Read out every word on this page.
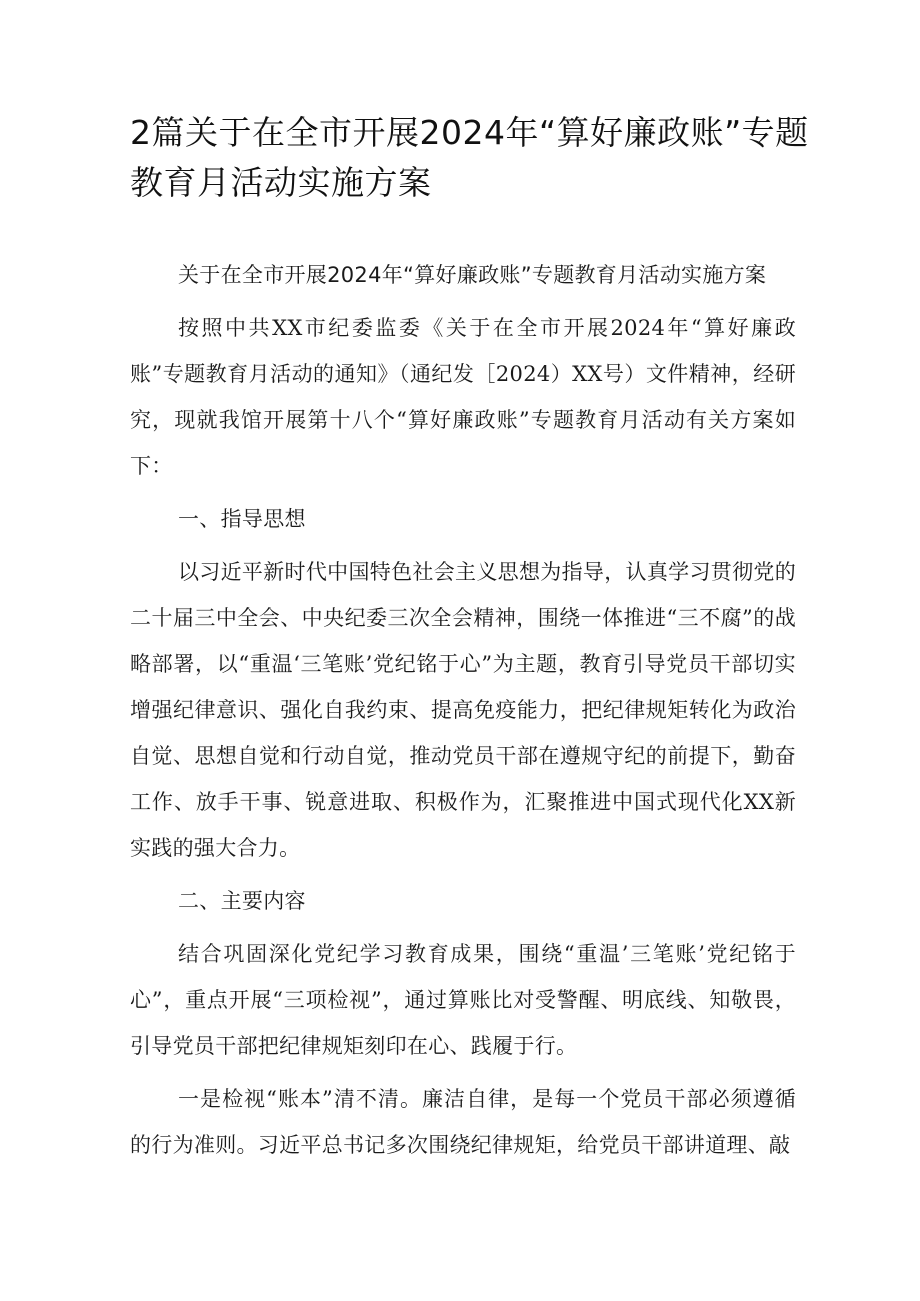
2篇关于在全市开展2024年“算好廉政账”专题教育月活动实施方案

关于在全市开展2024年“算好廉政账”专题教育月活动实施方案

按照中共XX市纪委监委《关于在全市开展2024年“算好廉政账”专题教育月活动的通知》（通纪发［2024）XX号）文件精神，经研究，现就我馆开展第十八个“算好廉政账”专题教育月活动有关方案如下：

一、指导思想

以习近平新时代中国特色社会主义思想为指导，认真学习贯彻党的二十届三中全会、中央纪委三次全会精神，围绕一体推进“三不腐”的战略部署，以“重温‘三笔账’党纪铭于心”为主题，教育引导党员干部切实增强纪律意识、强化自我约束、提高免疫能力，把纪律规矩转化为政治自觉、思想自觉和行动自觉，推动党员干部在遵规守纪的前提下，勤奋工作、放手干事、锐意进取、积极作为，汇聚推进中国式现代化XX新实践的强大合力。

二、主要内容

结合巩固深化党纪学习教育成果，围绕“重温’三笔账’党纪铭于心”，重点开展“三项检视”，通过算账比对受警醒、明底线、知敬畏，引导党员干部把纪律规矩刻印在心、践履于行。

一是检视“账本”清不清。廉洁自律，是每一个党员干部必须遵循的行为准则。习近平总书记多次围绕纪律规矩，给党员干部讲道理、敲
